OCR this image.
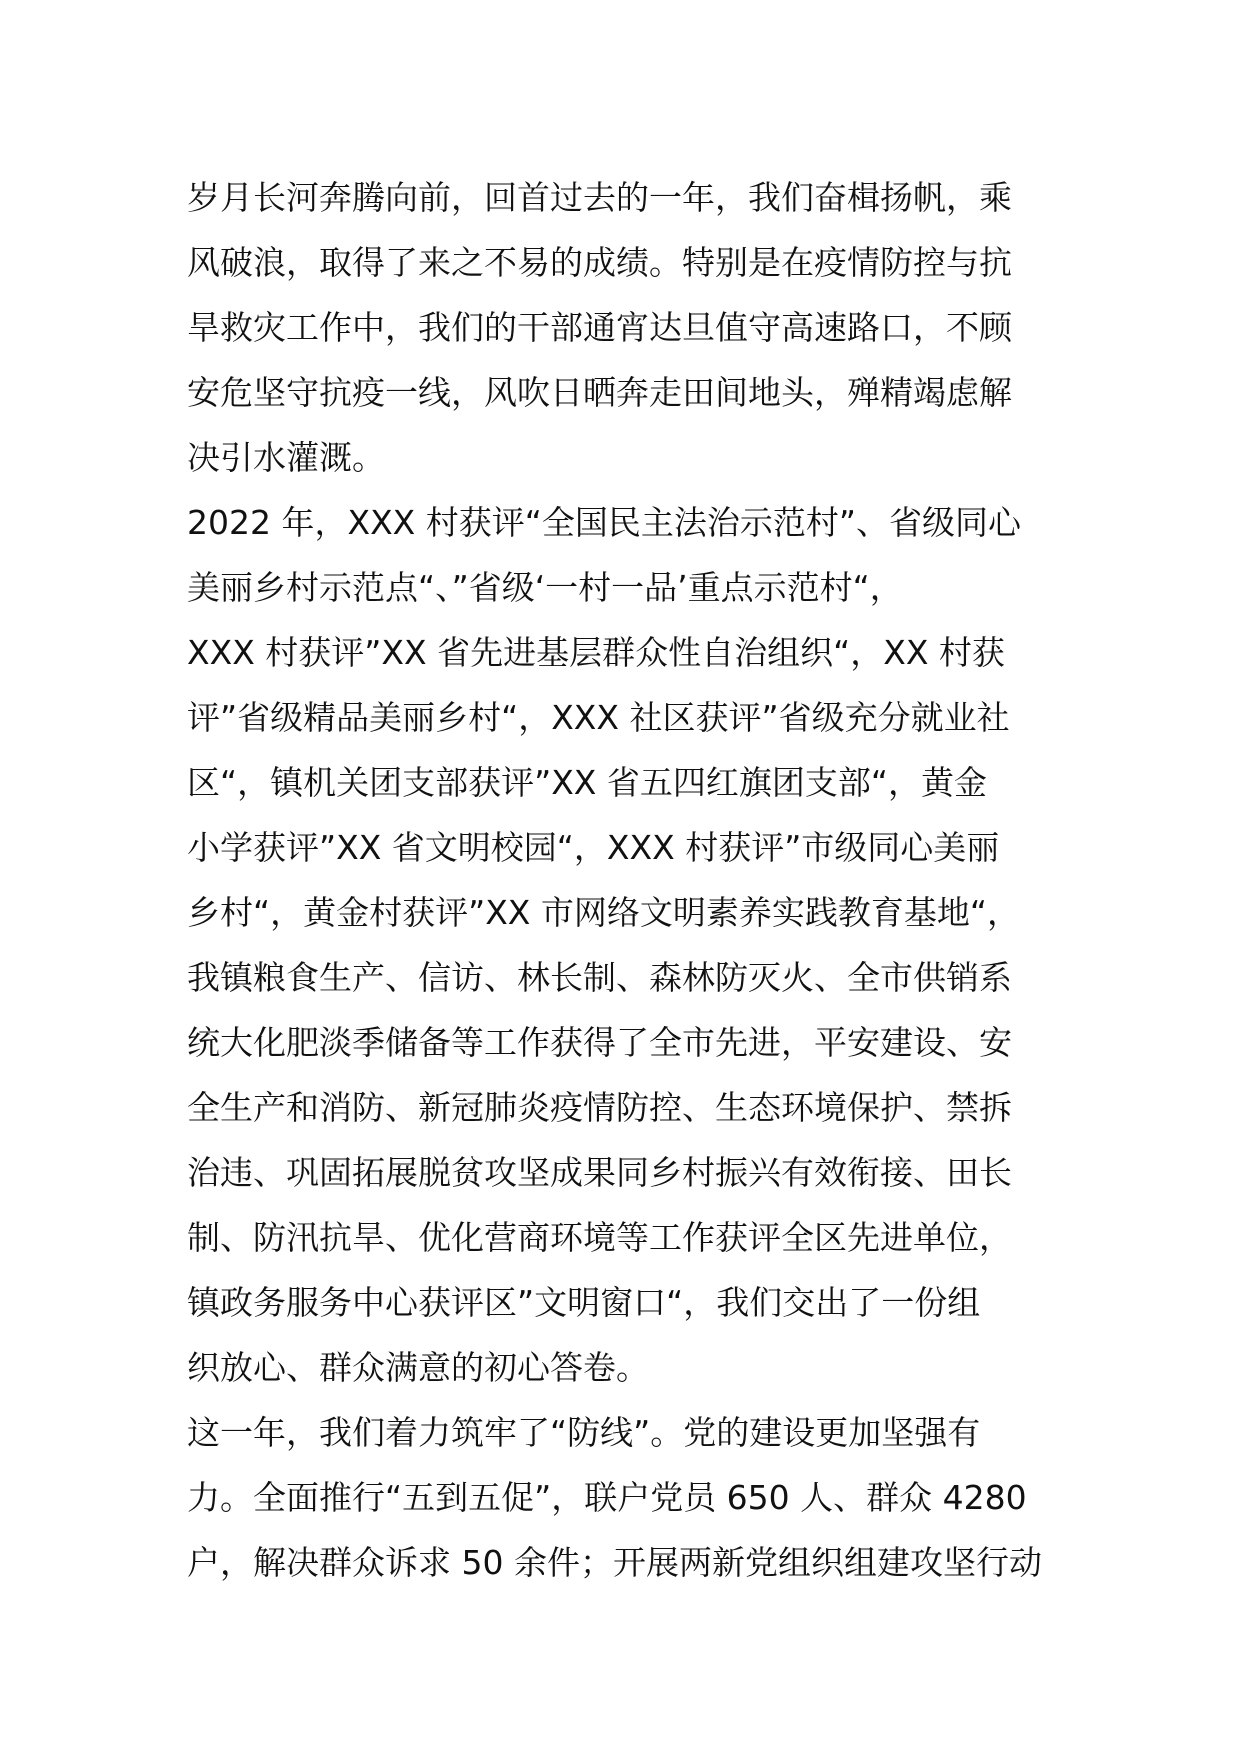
岁月长河奔腾向前，回首过去的一年，我们奋楫扬帆，乘
风破浪，取得了来之不易的成绩。特别是在疫情防控与抗
旱救灾工作中，我们的干部通宵达旦值守高速路口，不顾
安危坚守抗疫一线，风吹日晒奔走田间地头，殚精竭虑解
决引水灌溉。
2022 年，XXX 村获评“全国民主法治示范村”、省级同心
美丽乡村示范点“、”省级‘一村一品’重点示范村“，
XXX 村获评”XX 省先进基层群众性自治组织“，XX 村获
评”省级精品美丽乡村“，XXX 社区获评”省级充分就业社
区“，镇机关团支部获评”XX 省五四红旗团支部“，黄金
小学获评”XX 省文明校园“，XXX 村获评”市级同心美丽
乡村“，黄金村获评”XX 市网络文明素养实践教育基地“，
我镇粮食生产、信访、林长制、森林防灭火、全市供销系
统大化肥淡季储备等工作获得了全市先进，平安建设、安
全生产和消防、新冠肺炎疫情防控、生态环境保护、禁拆
治违、巩固拓展脱贫攻坚成果同乡村振兴有效衔接、田长
制、防汛抗旱、优化营商环境等工作获评全区先进单位，
镇政务服务中心获评区”文明窗口“，我们交出了一份组
织放心、群众满意的初心答卷。
这一年，我们着力筑牢了“防线”。党的建设更加坚强有
力。全面推行“五到五促”，联户党员 650 人、群众 4280
户，解决群众诉求 50 余件；开展两新党组织组建攻坚行动
